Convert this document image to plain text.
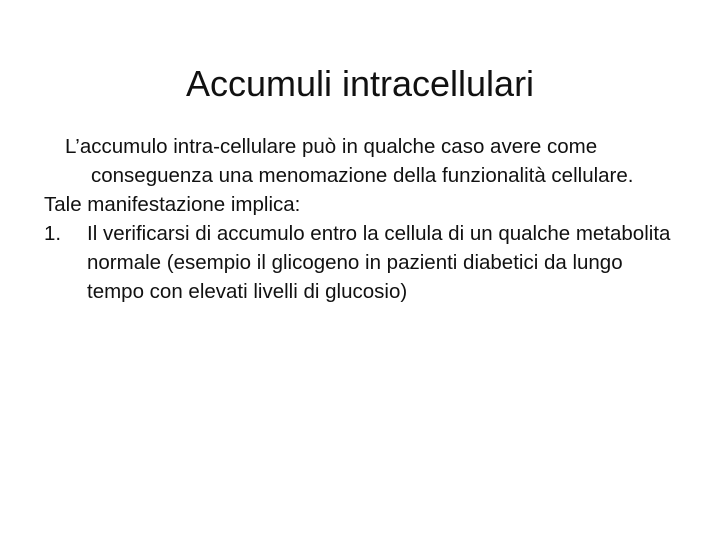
Accumuli intracellulari

L’accumulo intra-cellulare può in qualche caso avere come conseguenza una menomazione della funzionalità cellulare.

Tale manifestazione implica:

1. Il verificarsi di accumulo entro la cellula di un qualche metabolita normale (esempio il glicogeno in pazienti diabetici da lungo tempo con elevati livelli di glucosio)
